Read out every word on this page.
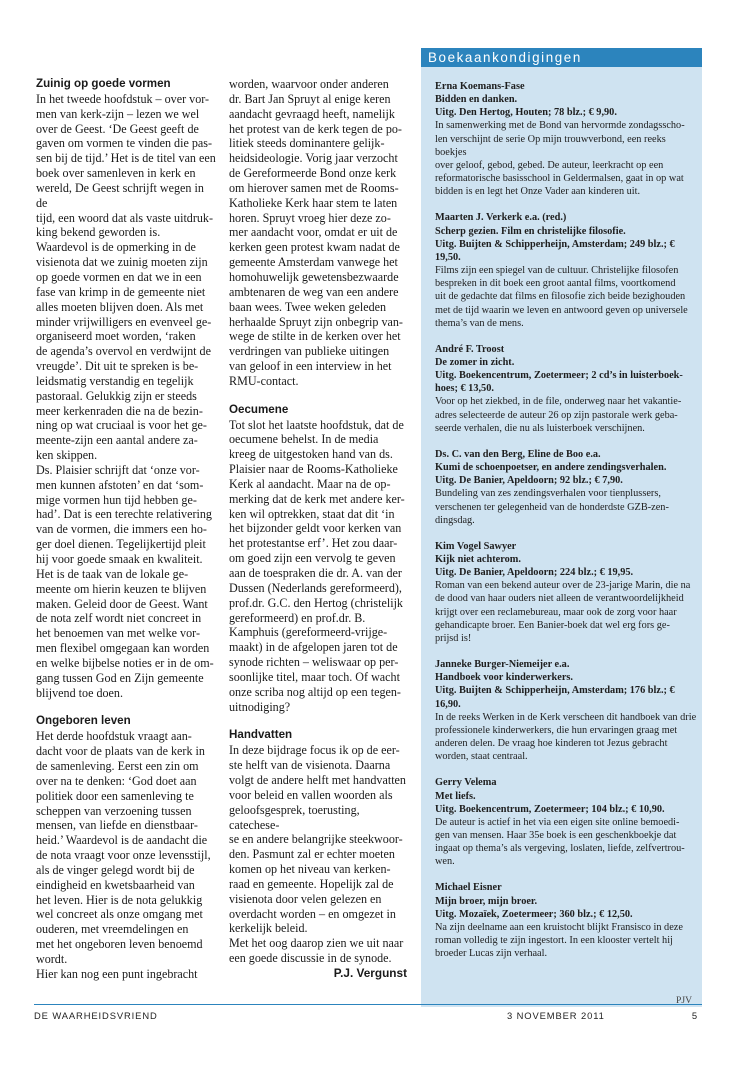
Zuinig op goede vormen

In het tweede hoofdstuk – over vor-

men van kerk-zijn – lezen we wel

over de Geest. ‘De Geest geeft de

gaven om vormen te vinden die pas-

sen bij de tijd.’ Het is de titel van een

boek over samenleven in kerk en

wereld, De Geest schrijft wegen in de

tijd, een woord dat als vaste uitdruk-

king bekend geworden is.

Waardevol is de opmerking in de

visienota dat we zuinig moeten zijn

op goede vormen en dat we in een

fase van krimp in de gemeente niet

alles moeten blijven doen. Als met

minder vrijwilligers en evenveel ge-

organiseerd moet worden, ‘raken

de agenda’s overvol en verdwijnt de

vreugde’. Dit uit te spreken is be-

leidsmatig verstandig en tegelijk

pastoraal. Gelukkig zijn er steeds

meer kerkenraden die na de bezin-

ning op wat cruciaal is voor het ge-

meente-zijn een aantal andere za-

ken skippen.

Ds. Plaisier schrijft dat ‘onze vor-

men kunnen afstoten’ en dat ‘som-

mige vormen hun tijd hebben ge-

had’. Dat is een terechte relativering

van de vormen, die immers een ho-

ger doel dienen. Tegelijkertijd pleit

hij voor goede smaak en kwaliteit.

Het is de taak van de lokale ge-

meente om hierin keuzen te blijven

maken. Geleid door de Geest. Want

de nota zelf wordt niet concreet in

het benoemen van met welke vor-

men flexibel omgegaan kan worden

en welke bijbelse noties er in de om-

gang tussen God en Zijn gemeente

blijvend toe doen.

Ongeboren leven

Het derde hoofdstuk vraagt aan-

dacht voor de plaats van de kerk in

de samenleving. Eerst een zin om

over na te denken: ‘God doet aan

politiek door een samenleving te

scheppen van verzoening tussen

mensen, van liefde en dienstbaar-

heid.’ Waardevol is de aandacht die

de nota vraagt voor onze levensstijl,

als de vinger gelegd wordt bij de

eindigheid en kwetsbaarheid van

het leven. Hier is de nota gelukkig

wel concreet als onze omgang met

ouderen, met vreemdelingen en

met het ongeboren leven benoemd

wordt.

Hier kan nog een punt ingebracht

worden, waarvoor onder anderen

dr. Bart Jan Spruyt al enige keren

aandacht gevraagd heeft, namelijk

het protest van de kerk tegen de po-

litiek steeds dominantere gelijk-

heidsideologie. Vorig jaar verzocht

de Gereformeerde Bond onze kerk

om hierover samen met de Rooms-

Katholieke Kerk haar stem te laten

horen. Spruyt vroeg hier deze zo-

mer aandacht voor, omdat er uit de

kerken geen protest kwam nadat de

gemeente Amsterdam vanwege het

homohuwelijk gewetensbezwaarde

ambtenaren de weg van een andere

baan wees. Twee weken geleden

herhaalde Spruyt zijn onbegrip van-

wege de stilte in de kerken over het

verdringen van publieke uitingen

van geloof in een interview in het

RMU-contact.

Oecumene

Tot slot het laatste hoofdstuk, dat de

oecumene behelst. In de media

kreeg de uitgestoken hand van ds.

Plaisier naar de Rooms-Katholieke

Kerk al aandacht. Maar na de op-

merking dat de kerk met andere ker-

ken wil optrekken, staat dat dit ‘in

het bijzonder geldt voor kerken van

het protestantse erf’. Het zou daar-

om goed zijn een vervolg te geven

aan de toespraken die dr. A. van der

Dussen (Nederlands gereformeerd),

prof.dr. G.C. den Hertog (christelijk

gereformeerd) en prof.dr. B.

Kamphuis (gereformeerd-vrijge-

maakt) in de afgelopen jaren tot de

synode richten – weliswaar op per-

soonlijke titel, maar toch. Of wacht

onze scriba nog altijd op een tegen-

uitnodiging?

Handvatten

In deze bijdrage focus ik op de eer-

ste helft van de visienota. Daarna

volgt de andere helft met handvatten

voor beleid en vallen woorden als

geloofsgesprek, toerusting, catechese-

se en andere belangrijke steekwoor-

den. Pasmunt zal er echter moeten

komen op het niveau van kerken-

raad en gemeente. Hopelijk zal de

visienota door velen gelezen en

overdacht worden – en omgezet in

kerkelijk beleid.

Met het oog daarop zien we uit naar

een goede discussie in de synode.

P.J. Vergunst

Boekaankondigingen
Erna Koemans-Fase
Bidden en danken.
Uitg. Den Hertog, Houten; 78 blz.; € 9,90.

In samenwerking met de Bond van hervormde zondagsscho-

len verschijnt de serie Op mijn trouwverbond, een reeks boekjes

over geloof, gebod, gebed. De auteur, leerkracht op een

reformatorische basisschool in Geldermalsen, gaat in op wat

bidden is en legt het Onze Vader aan kinderen uit.

Maarten J. Verkerk e.a. (red.)
Scherp gezien. Film en christelijke filosofie.
Uitg. Buijten & Schipperheijn, Amsterdam; 249 blz.; € 19,50.

Films zijn een spiegel van de cultuur. Christelijke filosofen

bespreken in dit boek een groot aantal films, voortkomend

uit de gedachte dat films en filosofie zich beide bezighouden

met de tijd waarin we leven en antwoord geven op universele

thema’s van de mens.

André F. Troost
De zomer in zicht.
Uitg. Boekencentrum, Zoetermeer; 2 cd’s in luisterboek-
hoes; € 13,50.

Voor op het ziekbed, in de file, onderweg naar het vakantie-

adres selecteerde de auteur 26 op zijn pastorale werk geba-

seerde verhalen, die nu als luisterboek verschijnen.

Ds. C. van den Berg, Eline de Boo e.a.
Kumi de schoenpoetser, en andere zendingsverhalen.
Uitg. De Banier, Apeldoorn; 92 blz.; € 7,90.

Bundeling van zes zendingsverhalen voor tienplussers,

verschenen ter gelegenheid van de honderdste GZB-zen-

dingsdag.

Kim Vogel Sawyer
Kijk niet achterom.
Uitg. De Banier, Apeldoorn; 224 blz.; € 19,95.

Roman van een bekend auteur over de 23-jarige Marin, die na

de dood van haar ouders niet alleen de verantwoordelijkheid

krijgt over een reclamebureau, maar ook de zorg voor haar

gehandicapte broer. Een Banier-boek dat wel erg fors ge-

prijsd is!

Janneke Burger-Niemeijer e.a.
Handboek voor kinderwerkers.
Uitg. Buijten & Schipperheijn, Amsterdam; 176 blz.; € 16,90.

In de reeks Werken in de Kerk verscheen dit handboek van drie

professionele kinderwerkers, die hun ervaringen graag met

anderen delen. De vraag hoe kinderen tot Jezus gebracht

worden, staat centraal.

Gerry Velema
Met liefs.
Uitg. Boekencentrum, Zoetermeer; 104 blz.; € 10,90.

De auteur is actief in het via een eigen site online bemoedi-

gen van mensen. Haar 35e boek is een geschenkboekje dat

ingaat op thema’s als vergeving, loslaten, liefde, zelfvertrou-

wen.

Michael Eisner
Mijn broer, mijn broer.
Uitg. Mozaïek, Zoetermeer; 360 blz.; € 12,50.

Na zijn deelname aan een kruistocht blijkt Fransisco in deze

roman volledig te zijn ingestort. In een klooster vertelt hij

broeder Lucas zijn verhaal.

PJV
DE WAARHEIDSVRIEND	3 NOVEMBER 2011	5
